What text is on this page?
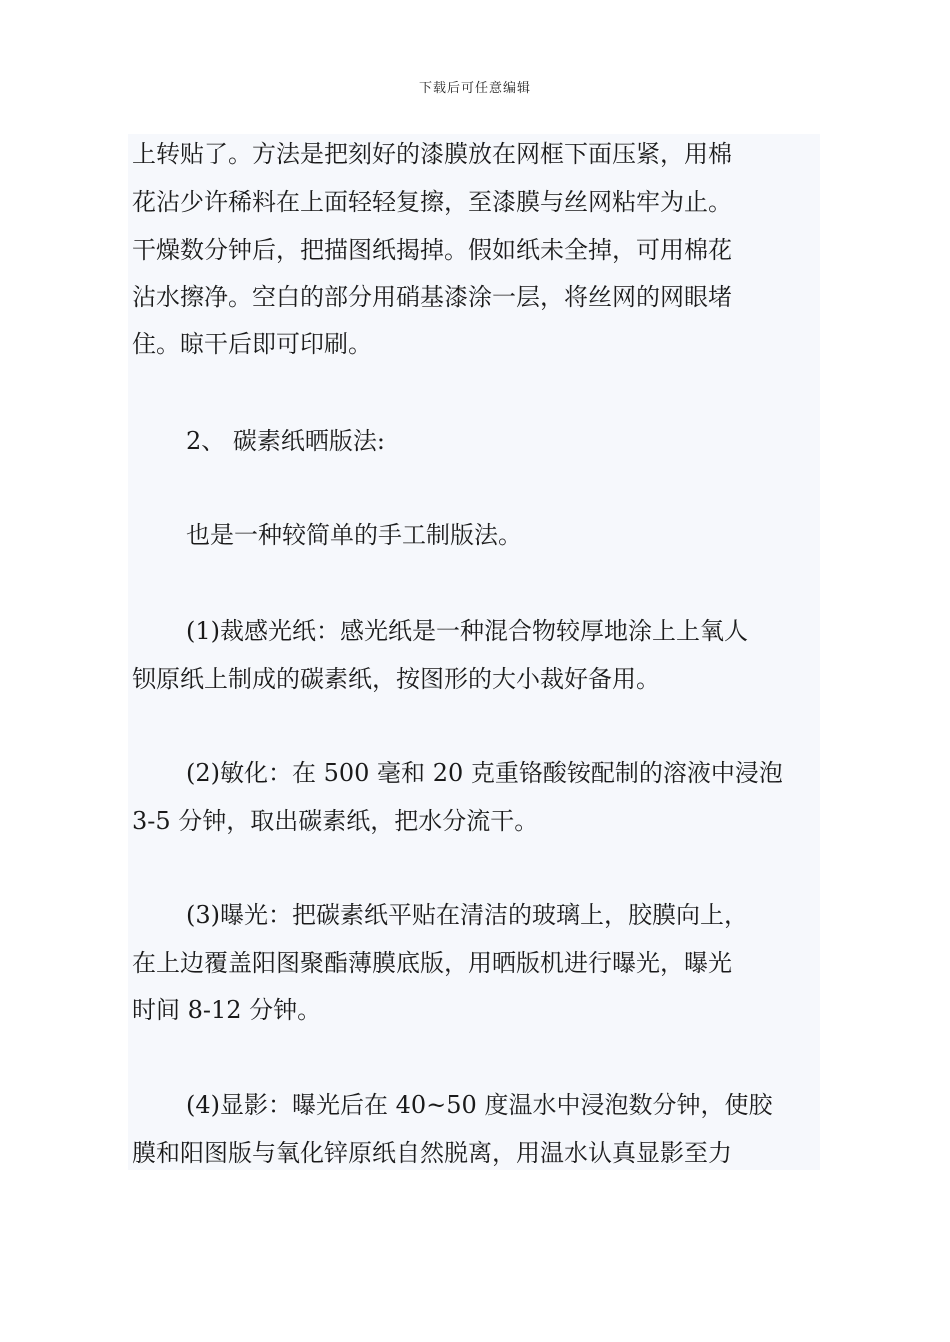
下载后可任意编辑
上转贴了。方法是把刻好的漆膜放在网框下面压紧，用棉
花沾少许稀料在上面轻轻复擦，至漆膜与丝网粘牢为止。
干燥数分钟后，把描图纸揭掉。假如纸未全掉，可用棉花
沾水擦净。空白的部分用硝基漆涂一层，将丝网的网眼堵
住。晾干后即可印刷。
2、 碳素纸晒版法:
也是一种较简单的手工制版法。
(1)裁感光纸：感光纸是一种混合物较厚地涂上上氧人
钡原纸上制成的碳素纸，按图形的大小裁好备用。
(2)敏化：在 500 毫和 20 克重铬酸铵配制的溶液中浸泡
3-5 分钟，取出碳素纸，把水分流干。
(3)曝光：把碳素纸平贴在清洁的玻璃上，胶膜向上，
在上边覆盖阳图聚酯薄膜底版，用晒版机进行曝光，曝光
时间 8-12 分钟。
(4)显影：曝光后在 40~50 度温水中浸泡数分钟，使胶
膜和阳图版与氧化锌原纸自然脱离，用温水认真显影至力
